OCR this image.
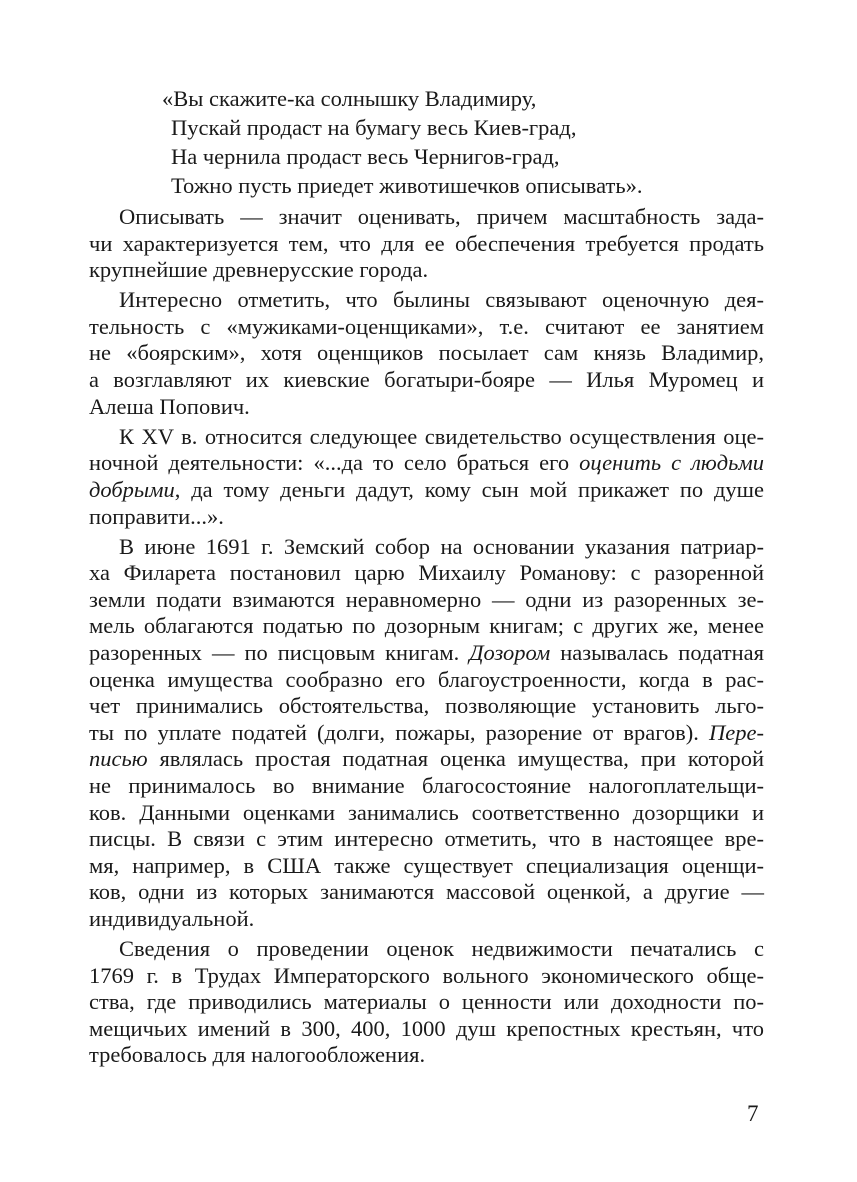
«Вы скажите-ка солнышку Владимиру,
Пускай продаст на бумагу весь Киев-град,
На чернила продаст весь Чернигов-град,
Тожно пусть приедет животишечков описывать».

Описывать — значит оценивать, причем масштабность зада-
чи характеризуется тем, что для ее обеспечения требуется продать
крупнейшие древнерусские города.

Интересно отметить, что былины связывают оценочную дея-
тельность с «мужиками-оценщиками», т.е. считают ее занятием
не «боярским», хотя оценщиков посылает сам князь Владимир,
а возглавляют их киевские богатыри-бояре — Илья Муромец и
Алеша Попович.

К XV в. относится следующее свидетельство осуществления оце-
ночной деятельности: «...да то село браться его оценить с людьми
добрыми, да тому деньги дадут, кому сын мой прикажет по душе
поправити...».

В июне 1691 г. Земский собор на основании указания патриар-
ха Филарета постановил царю Михаилу Романову: с разоренной
земли подати взимаются неравномерно — одни из разоренных зе-
мель облагаются податью по дозорным книгам; с других же, менее
разоренных — по писцовым книгам. Дозором называлась податная
оценка имущества сообразно его благоустроенности, когда в рас-
чет принимались обстоятельства, позволяющие установить льго-
ты по уплате податей (долги, пожары, разорение от врагов). Пере-
писью являлась простая податная оценка имущества, при которой
не принималось во внимание благосостояние налогоплательщи-
ков. Данными оценками занимались соответственно дозорщики и
писцы. В связи с этим интересно отметить, что в настоящее вре-
мя, например, в США также существует специализация оценщи-
ков, одни из которых занимаются массовой оценкой, а другие —
индивидуальной.

Сведения о проведении оценок недвижимости печатались с
1769 г. в Трудах Императорского вольного экономического обще-
ства, где приводились материалы о ценности или доходности по-
мещичьих имений в 300, 400, 1000 душ крепостных крестьян, что
требовалось для налогообложения.

7
